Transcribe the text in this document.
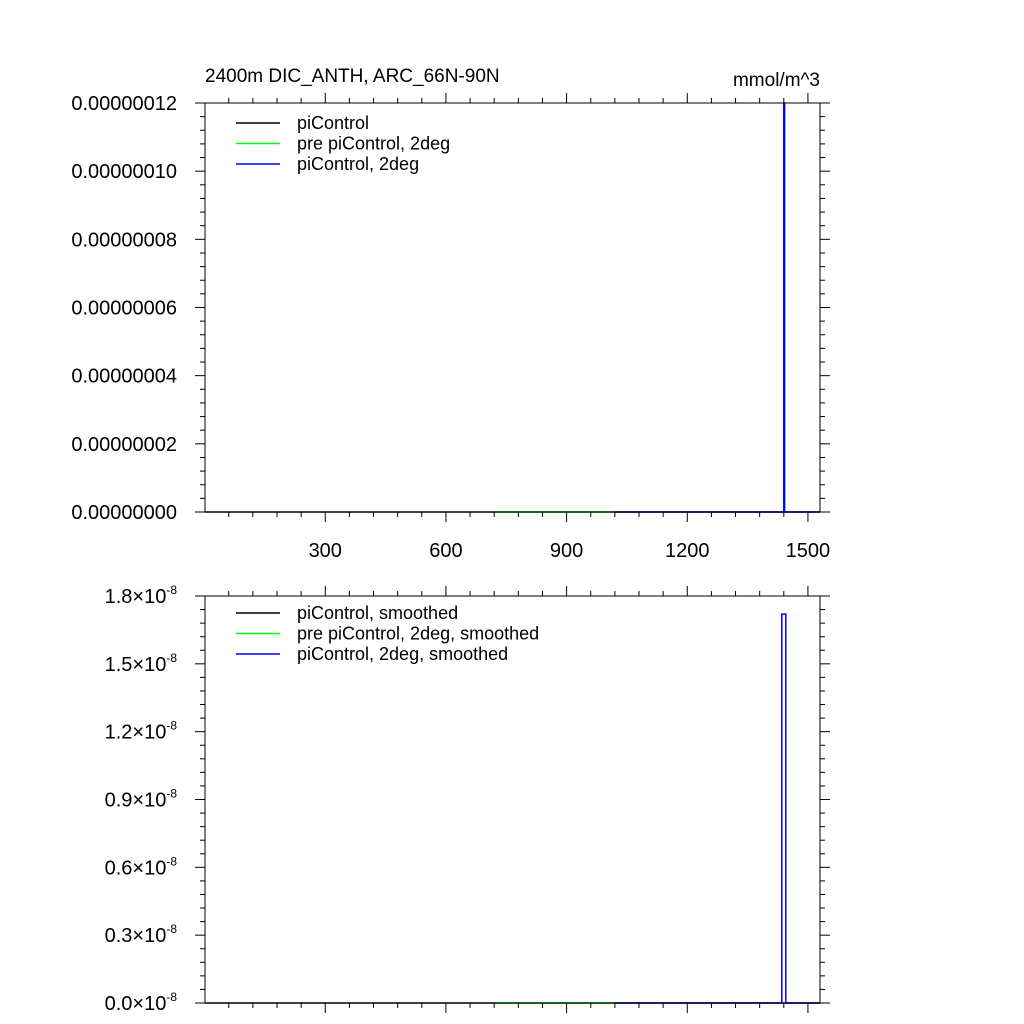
300	600	900	1200	1500
0.00000000
0.00000002
0.00000004
0.00000006
0.00000008
0.00000010
0.00000012
2400m DIC_ANTH, ARC_66N-90N	mmol/m^3
piControl
pre piControl, 2deg
piControl, 2deg
$0.0\times 10^{-8}$
$0.3\times 10^{-8}$
$0.6\times 10^{-8}$
$0.9\times 10^{-8}$
$1.2\times 10^{-8}$
$1.5\times 10^{-8}$
$1.8\times 10^{-8}$
piControl, smoothed
pre piControl, 2deg, smoothed
piControl, 2deg, smoothed
